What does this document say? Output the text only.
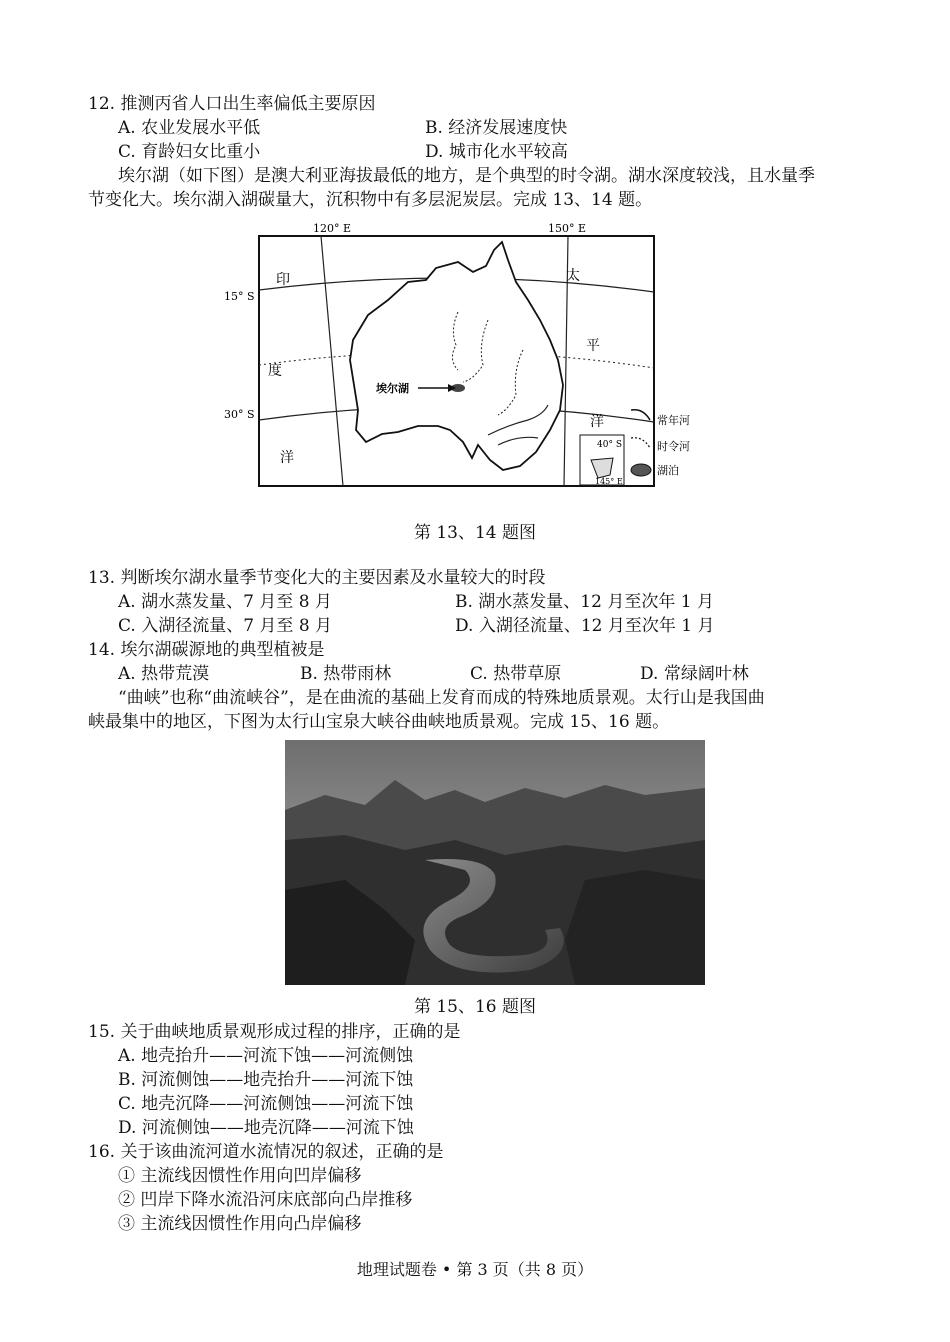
12. 推测丙省人口出生率偏低主要原因
A. 农业发展水平低	B. 经济发展速度快
C. 育龄妇女比重小	D. 城市化水平较高
埃尔湖（如下图）是澳大利亚海拔最低的地方，是个典型的时令湖。湖水深度较浅，且水量季
节变化大。埃尔湖入湖碳量大，沉积物中有多层泥炭层。完成 13、14 题。
120° E	150° E
15° S
30° S
印
度
洋
太
平
洋
埃尔湖
40° S
145° E
常年河
时令河
湖泊
第 13、14 题图
13. 判断埃尔湖水量季节变化大的主要因素及水量较大的时段
A. 湖水蒸发量、7 月至 8 月	B. 湖水蒸发量、12 月至次年 1 月
C. 入湖径流量、7 月至 8 月	D. 入湖径流量、12 月至次年 1 月
14. 埃尔湖碳源地的典型植被是
A. 热带荒漠	B. 热带雨林	C. 热带草原	D. 常绿阔叶林
“曲峡”也称“曲流峡谷”，是在曲流的基础上发育而成的特殊地质景观。太行山是我国曲
峡最集中的地区，下图为太行山宝泉大峡谷曲峡地质景观。完成 15、16 题。
第 15、16 题图
15. 关于曲峡地质景观形成过程的排序，正确的是
A. 地壳抬升——河流下蚀——河流侧蚀
B. 河流侧蚀——地壳抬升——河流下蚀
C. 地壳沉降——河流侧蚀——河流下蚀
D. 河流侧蚀——地壳沉降——河流下蚀
16. 关于该曲流河道水流情况的叙述，正确的是
① 主流线因惯性作用向凹岸偏移
② 凹岸下降水流沿河床底部向凸岸推移
③ 主流线因惯性作用向凸岸偏移
地理试题卷 • 第 3 页（共 8 页）
